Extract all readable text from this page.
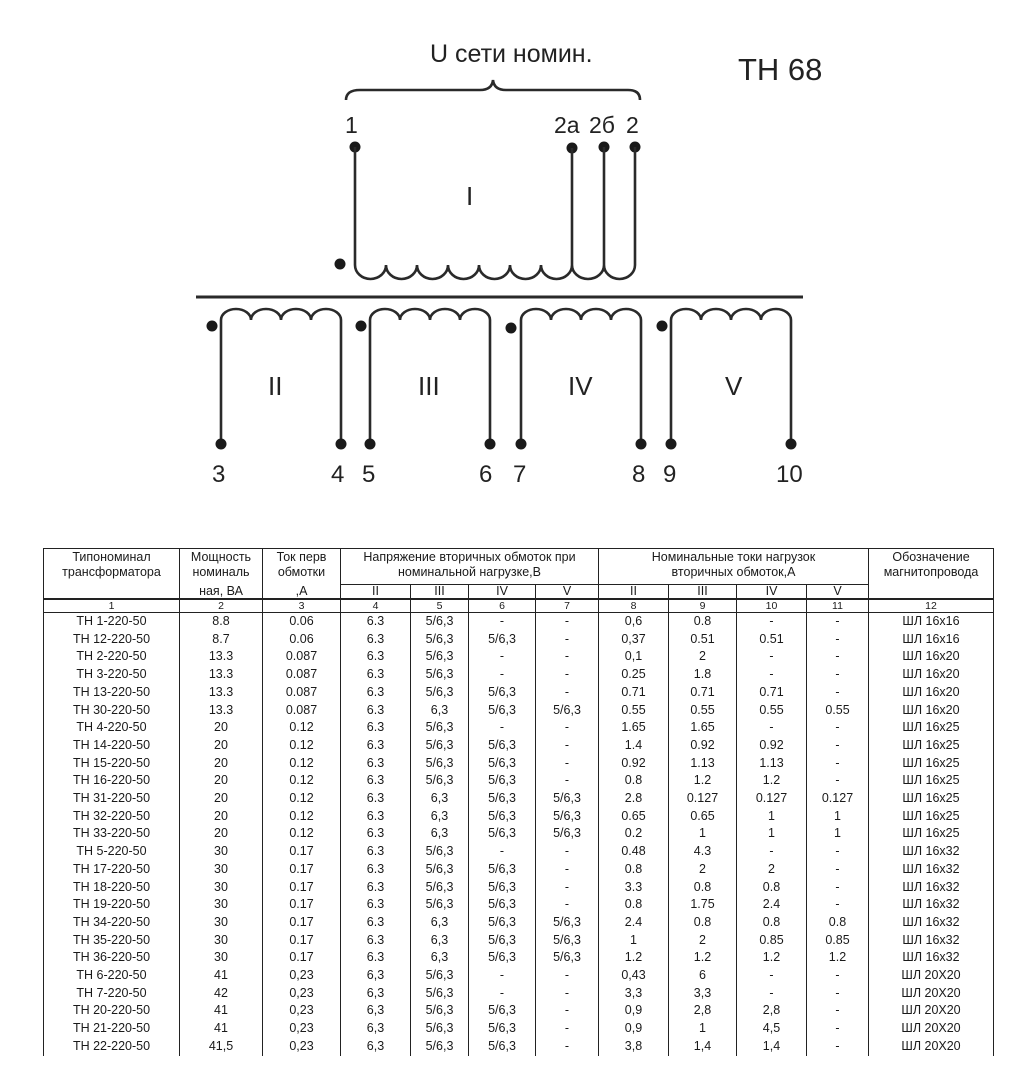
ТН 68
U сети номин.
1	2а 2б 2
I
II
3	4
III
5	6
IV
7	8
V
9	10
Типономинал трансформатора	Мощность номиналь	Ток перв обмотки	Напряжение вторичных обмоток при номинальной нагрузке,В				Номинальные токи нагрузок вторичных обмоток,А				Обозначение магнитопровода
	ная, ВА	,А	II	III	IV	V	II	III	IV	V	
1	2	3	4	5	6	7	8	9	10	11	12
ТН 1-220-50	8.8	0.06	6.3	5/6,3	-	-	0,6	0.8	-	-	ШЛ 16x16
ТН 12-220-50	8.7	0.06	6.3	5/6,3	5/6,3	-	0,37	0.51	0.51	-	ШЛ 16x16
ТН 2-220-50	13.3	0.087	6.3	5/6,3	-	-	0,1	2	-	-	ШЛ 16x20
ТН 3-220-50	13.3	0.087	6.3	5/6,3	-	-	0.25	1.8	-	-	ШЛ 16x20
ТН 13-220-50	13.3	0.087	6.3	5/6,3	5/6,3	-	0.71	0.71	0.71	-	ШЛ 16x20
ТН 30-220-50	13.3	0.087	6.3	6,3	5/6,3	5/6,3	0.55	0.55	0.55	0.55	ШЛ 16x20
ТН 4-220-50	20	0.12	6.3	5/6,3	-	-	1.65	1.65	-	-	ШЛ 16x25
ТН 14-220-50	20	0.12	6.3	5/6,3	5/6,3	-	1.4	0.92	0.92	-	ШЛ 16x25
ТН 15-220-50	20	0.12	6.3	5/6,3	5/6,3	-	0.92	1.13	1.13	-	ШЛ 16x25
ТН 16-220-50	20	0.12	6.3	5/6,3	5/6,3	-	0.8	1.2	1.2	-	ШЛ 16x25
ТН 31-220-50	20	0.12	6.3	6,3	5/6,3	5/6,3	2.8	0.127	0.127	0.127	ШЛ 16x25
ТН 32-220-50	20	0.12	6.3	6,3	5/6,3	5/6,3	0.65	0.65	1	1	ШЛ 16x25
ТН 33-220-50	20	0.12	6.3	6,3	5/6,3	5/6,3	0.2	1	1	1	ШЛ 16x25
ТН 5-220-50	30	0.17	6.3	5/6,3	-	-	0.48	4.3	-	-	ШЛ 16x32
ТН 17-220-50	30	0.17	6.3	5/6,3	5/6,3	-	0.8	2	2	-	ШЛ 16x32
ТН 18-220-50	30	0.17	6.3	5/6,3	5/6,3	-	3.3	0.8	0.8	-	ШЛ 16x32
ТН 19-220-50	30	0.17	6.3	5/6,3	5/6,3	-	0.8	1.75	2.4	-	ШЛ 16x32
ТН 34-220-50	30	0.17	6.3	6,3	5/6,3	5/6,3	2.4	0.8	0.8	0.8	ШЛ 16x32
ТН 35-220-50	30	0.17	6.3	6,3	5/6,3	5/6,3	1	2	0.85	0.85	ШЛ 16x32
ТН 36-220-50	30	0.17	6.3	6,3	5/6,3	5/6,3	1.2	1.2	1.2	1.2	ШЛ 16x32
ТН 6-220-50	41	0,23	6,3	5/6,3	-	-	0,43	6	-	-	ШЛ 20X20
ТН 7-220-50	42	0,23	6,3	5/6,3	-	-	3,3	3,3	-	-	ШЛ 20X20
ТН 20-220-50	41	0,23	6,3	5/6,3	5/6,3	-	0,9	2,8	2,8	-	ШЛ 20X20
ТН 21-220-50	41	0,23	6,3	5/6,3	5/6,3	-	0,9	1	4,5	-	ШЛ 20X20
ТН 22-220-50	41,5	0,23	6,3	5/6,3	5/6,3	-	3,8	1,4	1,4	-	ШЛ 20X20
